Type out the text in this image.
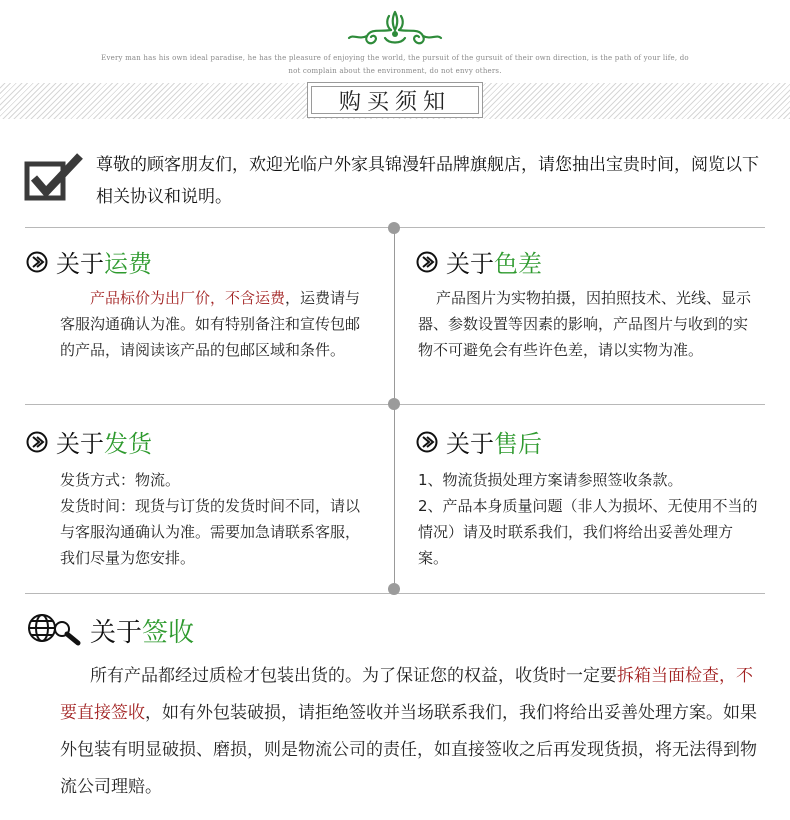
Every man has his own ideal paradise, he has the pleasure of enjoying the world, the pursuit of the gursuit of their own direction, is the path of your life, do not complain about the environment, do not envy others.
购买须知
尊敬的顾客朋友们，欢迎光临户外家具锦漫轩品牌旗舰店，请您抽出宝贵时间，阅览以下相关协议和说明。
关于 运费
产品标价为出厂价，不含运费，运费请与客服沟通确认为准。如有特别备注和宣传包邮的产品，请阅读该产品的包邮区域和条件。
关于 色差
产品图片为实物拍摄，因拍照技术、光线、显示器、参数设置等因素的影响，产品图片与收到的实物不可避免会有些许色差，请以实物为准。
关于 发货
发货方式：物流。
发货时间：现货与订货的发货时间不同，请以与客服沟通确认为准。需要加急请联系客服，我们尽量为您安排。
关于 售后
1、物流货损处理方案请参照签收条款。
2、产品本身质量问题（非人为损坏、无使用不当的情况）请及时联系我们，我们将给出妥善处理方案。
关于签收
所有产品都经过质检才包装出货的。为了保证您的权益，收货时一定要拆箱当面检查，不要直接签收，如有外包装破损，请拒绝签收并当场联系我们，我们将给出妥善处理方案。如果外包装有明显破损、磨损，则是物流公司的责任，如直接签收之后再发现货损，将无法得到物流公司理赔。
